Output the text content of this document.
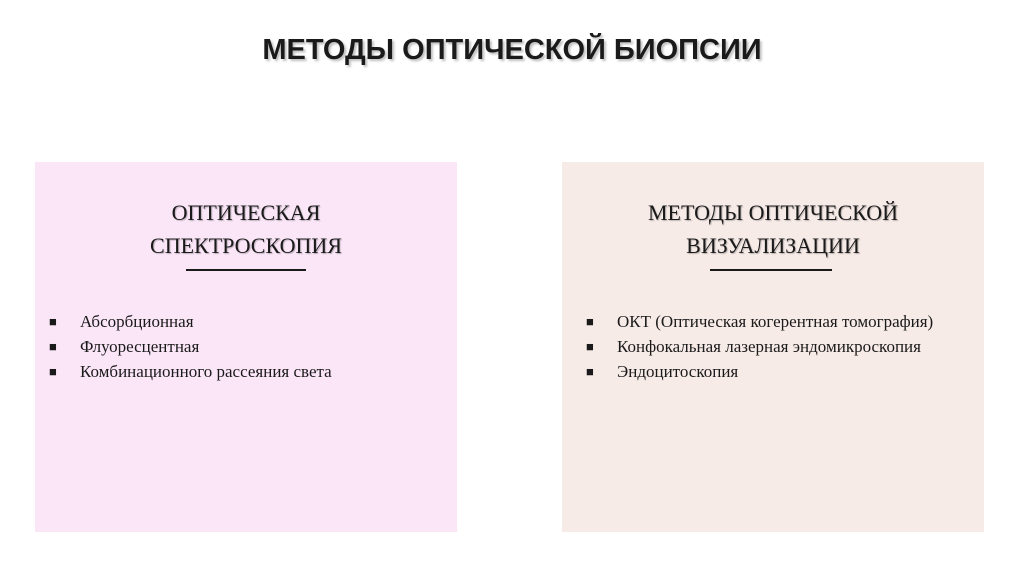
МЕТОДЫ ОПТИЧЕСКОЙ БИОПСИИ
ОПТИЧЕСКАЯ
СПЕКТРОСКОПИЯ
■ Абсорбционная
■ Флуоресцентная
■ Комбинационного рассеяния света
МЕТОДЫ ОПТИЧЕСКОЙ
ВИЗУАЛИЗАЦИИ
■ ОКТ (Оптическая когерентная томография)
■ Конфокальная лазерная эндомикроскопия
■ Эндоцитоскопия
